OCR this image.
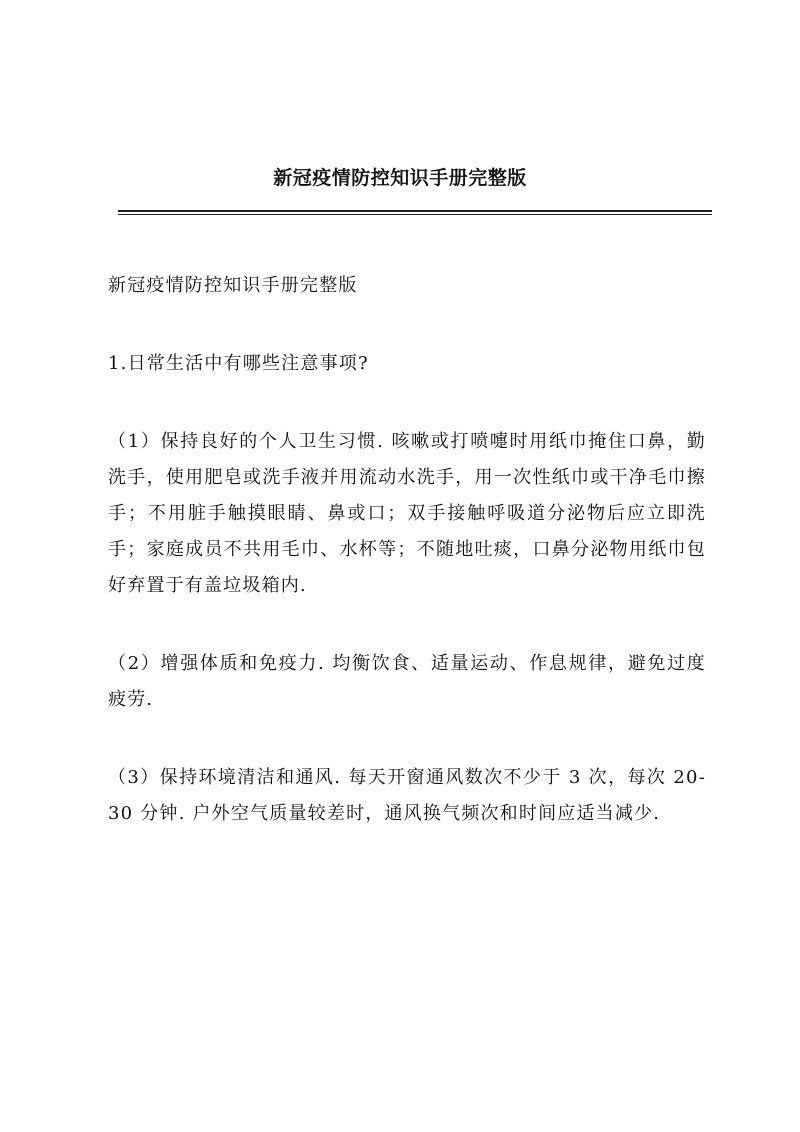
新冠疫情防控知识手册完整版

新冠疫情防控知识手册完整版

1.日常生活中有哪些注意事项?

（1）保持良好的个人卫生习惯. 咳嗽或打喷嚏时用纸巾掩住口鼻，勤洗手，使用肥皂或洗手液并用流动水洗手，用一次性纸巾或干净毛巾擦手；不用脏手触摸眼睛、鼻或口；双手接触呼吸道分泌物后应立即洗手；家庭成员不共用毛巾、水杯等；不随地吐痰，口鼻分泌物用纸巾包好弃置于有盖垃圾箱内.

（2）增强体质和免疫力. 均衡饮食、适量运动、作息规律，避免过度疲劳.

（3）保持环境清洁和通风. 每天开窗通风数次不少于 3 次，每次 20-30 分钟. 户外空气质量较差时，通风换气频次和时间应适当减少.
